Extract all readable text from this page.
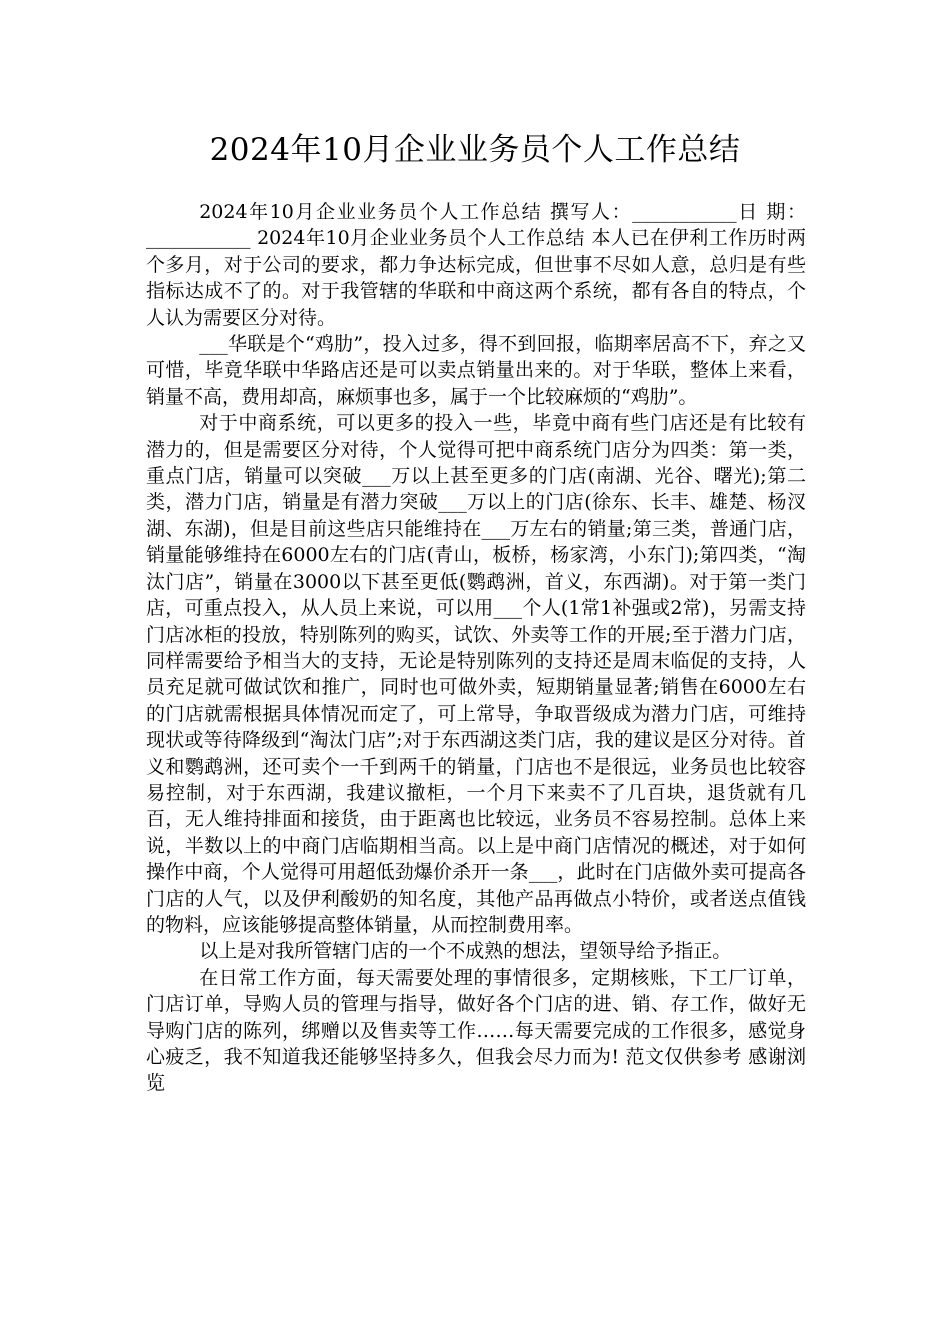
2024年10月企业业务员个人工作总结

2024年10月企业业务员个人工作总结 撰写人：___________日 期：___________ 2024年10月企业业务员个人工作总结 本人已在伊利工作历时两个多月，对于公司的要求，都力争达标完成，但世事不尽如人意，总归是有些指标达成不了的。对于我管辖的华联和中商这两个系统，都有各自的特点，个人认为需要区分对待。

___华联是个“鸡肋”，投入过多，得不到回报，临期率居高不下，弃之又可惜，毕竟华联中华路店还是可以卖点销量出来的。对于华联，整体上来看，销量不高，费用却高，麻烦事也多，属于一个比较麻烦的“鸡肋”。

对于中商系统，可以更多的投入一些，毕竟中商有些门店还是有比较有潜力的，但是需要区分对待，个人觉得可把中商系统门店分为四类：第一类，重点门店，销量可以突破___万以上甚至更多的门店(南湖、光谷、曙光);第二类，潜力门店，销量是有潜力突破___万以上的门店(徐东、长丰、雄楚、杨汊湖、东湖)，但是目前这些店只能维持在___万左右的销量;第三类，普通门店，销量能够维持在6000左右的门店(青山，板桥，杨家湾，小东门);第四类，“淘汰门店”，销量在3000以下甚至更低(鹦鹉洲，首义，东西湖)。对于第一类门店，可重点投入，从人员上来说，可以用___个人(1常1补强或2常)，另需支持门店冰柜的投放，特别陈列的购买，试饮、外卖等工作的开展;至于潜力门店，同样需要给予相当大的支持，无论是特别陈列的支持还是周末临促的支持，人员充足就可做试饮和推广，同时也可做外卖，短期销量显著;销售在6000左右的门店就需根据具体情况而定了，可上常导，争取晋级成为潜力门店，可维持现状或等待降级到“淘汰门店”;对于东西湖这类门店，我的建议是区分对待。首义和鹦鹉洲，还可卖个一千到两千的销量，门店也不是很远，业务员也比较容易控制，对于东西湖，我建议撤柜，一个月下来卖不了几百块，退货就有几百，无人维持排面和接货，由于距离也比较远，业务员不容易控制。总体上来说，半数以上的中商门店临期相当高。以上是中商门店情况的概述，对于如何操作中商，个人觉得可用超低劲爆价杀开一条___，此时在门店做外卖可提高各门店的人气，以及伊利酸奶的知名度，其他产品再做点小特价，或者送点值钱的物料，应该能够提高整体销量，从而控制费用率。

以上是对我所管辖门店的一个不成熟的想法，望领导给予指正。

在日常工作方面，每天需要处理的事情很多，定期核账，下工厂订单，门店订单，导购人员的管理与指导，做好各个门店的进、销、存工作，做好无导购门店的陈列，绑赠以及售卖等工作……每天需要完成的工作很多，感觉身心疲乏，我不知道我还能够坚持多久，但我会尽力而为! 范文仅供参考 感谢浏览
